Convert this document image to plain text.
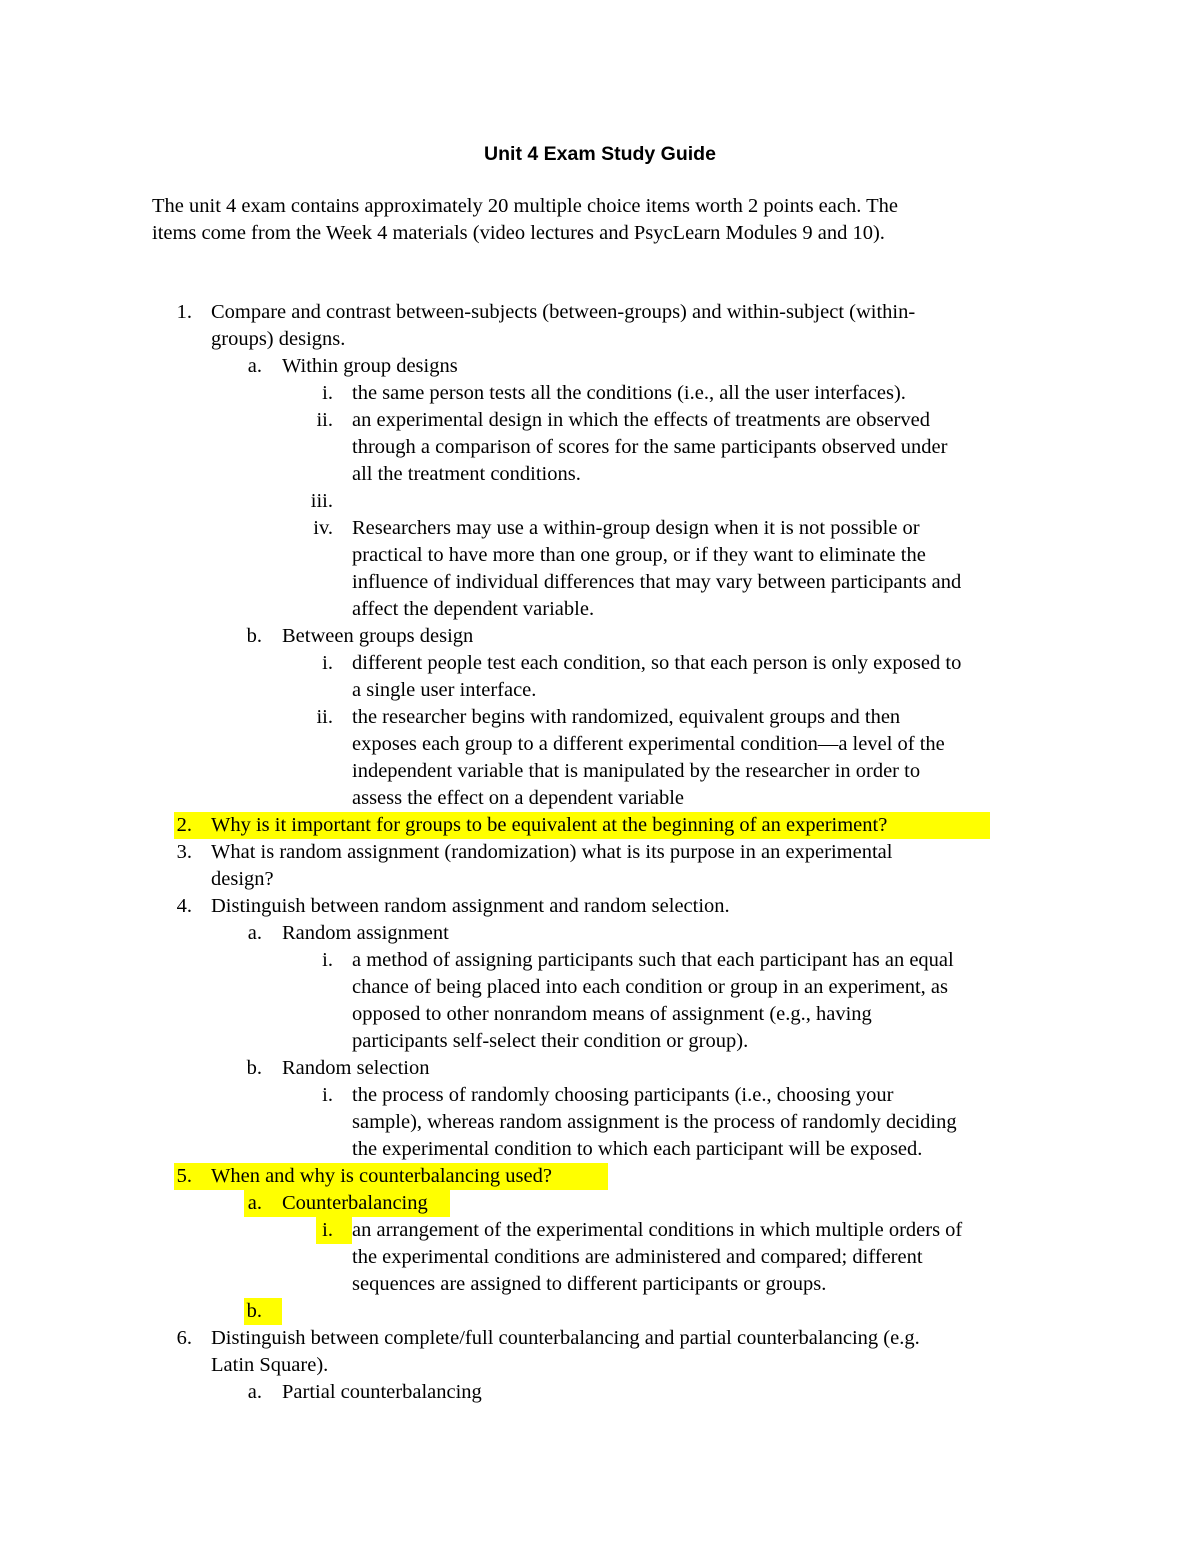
Unit 4 Exam Study Guide

The unit 4 exam contains approximately 20 multiple choice items worth 2 points each. The
items come from the Week 4 materials (video lectures and PsycLearn Modules 9 and 10).

1. Compare and contrast between-subjects (between-groups) and within-subject (within-
groups) designs.
a. Within group designs
i. the same person tests all the conditions (i.e., all the user interfaces).
ii. an experimental design in which the effects of treatments are observed
through a comparison of scores for the same participants observed under
all the treatment conditions.
iii.
iv. Researchers may use a within-group design when it is not possible or
practical to have more than one group, or if they want to eliminate the
influence of individual differences that may vary between participants and
affect the dependent variable.
b. Between groups design
i. different people test each condition, so that each person is only exposed to
a single user interface.
ii. the researcher begins with randomized, equivalent groups and then
exposes each group to a different experimental condition—a level of the
independent variable that is manipulated by the researcher in order to
assess the effect on a dependent variable
2. Why is it important for groups to be equivalent at the beginning of an experiment?
3. What is random assignment (randomization) what is its purpose in an experimental
design?
4. Distinguish between random assignment and random selection.
a. Random assignment
i. a method of assigning participants such that each participant has an equal
chance of being placed into each condition or group in an experiment, as
opposed to other nonrandom means of assignment (e.g., having
participants self-select their condition or group).
b. Random selection
i. the process of randomly choosing participants (i.e., choosing your
sample), whereas random assignment is the process of randomly deciding
the experimental condition to which each participant will be exposed.
5. When and why is counterbalancing used?
a. Counterbalancing
i. an arrangement of the experimental conditions in which multiple orders of
the experimental conditions are administered and compared; different
sequences are assigned to different participants or groups.
b.
6. Distinguish between complete/full counterbalancing and partial counterbalancing (e.g.
Latin Square).
a. Partial counterbalancing
